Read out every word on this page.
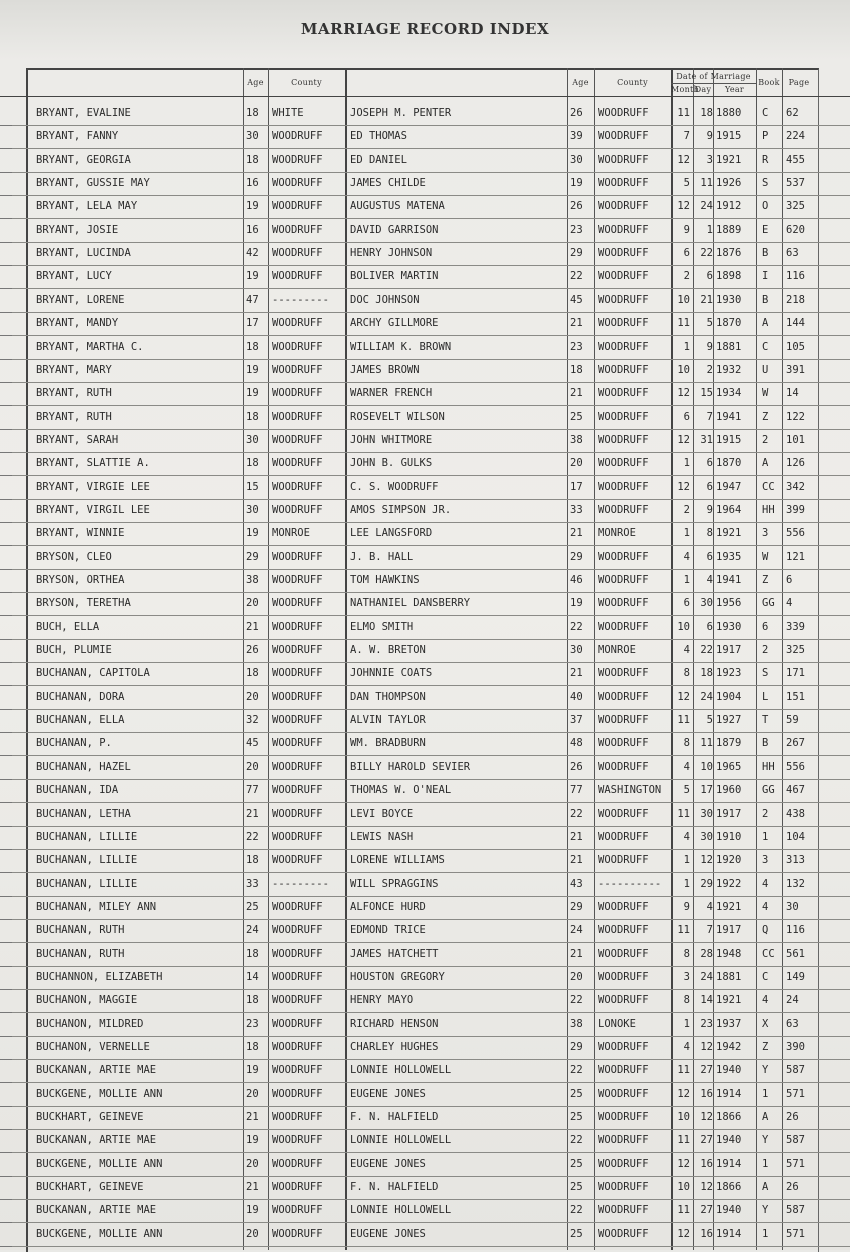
MARRIAGE RECORD INDEX
Age	County	Age	County
Date of Marriage
Month
Day	Year
Book	Page
BRYANT, EVALINE	18 WHITE	JOSEPH M. PENTER	26 WOODRUFF	11 18 1880 C 62
BRYANT, FANNY	30 WOODRUFF	ED THOMAS	39 WOODRUFF	7	9 1915 P 224
BRYANT, GEORGIA	18 WOODRUFF	ED DANIEL	30 WOODRUFF	12	3 1921 R 455
BRYANT, GUSSIE MAY	16 WOODRUFF	JAMES CHILDE	19 WOODRUFF	5 11 1926 S 537
BRYANT, LELA MAY	19 WOODRUFF	AUGUSTUS MATENA	26 WOODRUFF	12 24 1912 O 325
BRYANT, JOSIE	16 WOODRUFF	DAVID GARRISON	23 WOODRUFF	9	1 1889 E 620
BRYANT, LUCINDA	42 WOODRUFF	HENRY JOHNSON	29 WOODRUFF	6 22 1876 B 63
BRYANT, LUCY	19 WOODRUFF	BOLIVER MARTIN	22 WOODRUFF	2	6 1898 I 116
BRYANT, LORENE	47 --------- DOC JOHNSON	45 WOODRUFF	10 21 1930 B 218
BRYANT, MANDY	17 WOODRUFF	ARCHY GILLMORE	21 WOODRUFF	11	5 1870 A 144
BRYANT, MARTHA C.	18 WOODRUFF	WILLIAM K. BROWN	23 WOODRUFF	1	9 1881 C 105
BRYANT, MARY	19 WOODRUFF	JAMES BROWN	18 WOODRUFF	10	2 1932 U 391
BRYANT, RUTH	19 WOODRUFF	WARNER FRENCH	21 WOODRUFF	12 15 1934 W 14
BRYANT, RUTH	18 WOODRUFF	ROSEVELT WILSON	25 WOODRUFF	6	7 1941 Z 122
BRYANT, SARAH	30 WOODRUFF	JOHN WHITMORE	38 WOODRUFF	12 31 1915 2 101
BRYANT, SLATTIE A.	18 WOODRUFF	JOHN B. GULKS	20 WOODRUFF	1	6 1870 A 126
BRYANT, VIRGIE LEE	15 WOODRUFF	C. S. WOODRUFF	17 WOODRUFF	12	6 1947 CC 342
BRYANT, VIRGIL LEE	30 WOODRUFF	AMOS SIMPSON JR.	33 WOODRUFF	2	9 1964 HH 399
BRYANT, WINNIE	19 MONROE	LEE LANGSFORD	21 MONROE	1	8 1921 3 556
BRYSON, CLEO	29 WOODRUFF	J. B. HALL	29 WOODRUFF	4	6 1935 W 121
BRYSON, ORTHEA	38 WOODRUFF	TOM HAWKINS	46 WOODRUFF	1	4 1941 Z 6
BRYSON, TERETHA	20 WOODRUFF	NATHANIEL DANSBERRY	19 WOODRUFF	6 30 1956 GG 4
BUCH, ELLA	21 WOODRUFF	ELMO SMITH	22 WOODRUFF	10	6 1930 6 339
BUCH, PLUMIE	26 WOODRUFF	A. W. BRETON	30 MONROE	4 22 1917 2 325
BUCHANAN, CAPITOLA	18 WOODRUFF	JOHNNIE COATS	21 WOODRUFF	8 18 1923 S 171
BUCHANAN, DORA	20 WOODRUFF	DAN THOMPSON	40 WOODRUFF	12 24 1904 L 151
BUCHANAN, ELLA	32 WOODRUFF	ALVIN TAYLOR	37 WOODRUFF	11	5 1927 T 59
BUCHANAN, P.	45 WOODRUFF	WM. BRADBURN	48 WOODRUFF	8 11 1879 B 267
BUCHANAN, HAZEL	20 WOODRUFF	BILLY HAROLD SEVIER	26 WOODRUFF	4 10 1965 HH 556
BUCHANAN, IDA	77 WOODRUFF	THOMAS W. O'NEAL	77 WASHINGTON	5 17 1960 GG 467
BUCHANAN, LETHA	21 WOODRUFF	LEVI BOYCE	22 WOODRUFF	11 30 1917 2 438
BUCHANAN, LILLIE	22 WOODRUFF	LEWIS NASH	21 WOODRUFF	4 30 1910 1 104
BUCHANAN, LILLIE	18 WOODRUFF	LORENE WILLIAMS	21 WOODRUFF	1 12 1920 3 313
BUCHANAN, LILLIE	33 --------- WILL SPRAGGINS	43 ----------	1 29 1922 4 132
BUCHANAN, MILEY ANN	25 WOODRUFF	ALFONCE HURD	29 WOODRUFF	9	4 1921 4 30
BUCHANAN, RUTH	24 WOODRUFF	EDMOND TRICE	24 WOODRUFF	11	7 1917 Q 116
BUCHANAN, RUTH	18 WOODRUFF	JAMES HATCHETT	21 WOODRUFF	8 28 1948 CC 561
BUCHANNON, ELIZABETH	14 WOODRUFF	HOUSTON GREGORY	20 WOODRUFF	3 24 1881 C 149
BUCHANON, MAGGIE	18 WOODRUFF	HENRY MAYO	22 WOODRUFF	8 14 1921 4 24
BUCHANON, MILDRED	23 WOODRUFF	RICHARD HENSON	38 LONOKE	1 23 1937 X 63
BUCHANON, VERNELLE	18 WOODRUFF	CHARLEY HUGHES	29 WOODRUFF	4 12 1942 Z 390
BUCKANAN, ARTIE MAE	19 WOODRUFF	LONNIE HOLLOWELL	22 WOODRUFF	11 27 1940 Y 587
BUCKGENE, MOLLIE ANN	20 WOODRUFF	EUGENE JONES	25 WOODRUFF	12 16 1914 1 571
BUCKHART, GEINEVE	21 WOODRUFF	F. N. HALFIELD	25 WOODRUFF	10 12 1866 A 26
BUCKANAN, ARTIE MAE	19 WOODRUFF	LONNIE HOLLOWELL	22 WOODRUFF	11 27 1940 Y 587
BUCKGENE, MOLLIE ANN	20 WOODRUFF	EUGENE JONES	25 WOODRUFF	12 16 1914 1 571
BUCKHART, GEINEVE	21 WOODRUFF	F. N. HALFIELD	25 WOODRUFF	10 12 1866 A 26
BUCKANAN, ARTIE MAE	19 WOODRUFF	LONNIE HOLLOWELL	22 WOODRUFF	11 27 1940 Y 587
BUCKGENE, MOLLIE ANN	20 WOODRUFF	EUGENE JONES	25 WOODRUFF	12 16 1914 1 571
